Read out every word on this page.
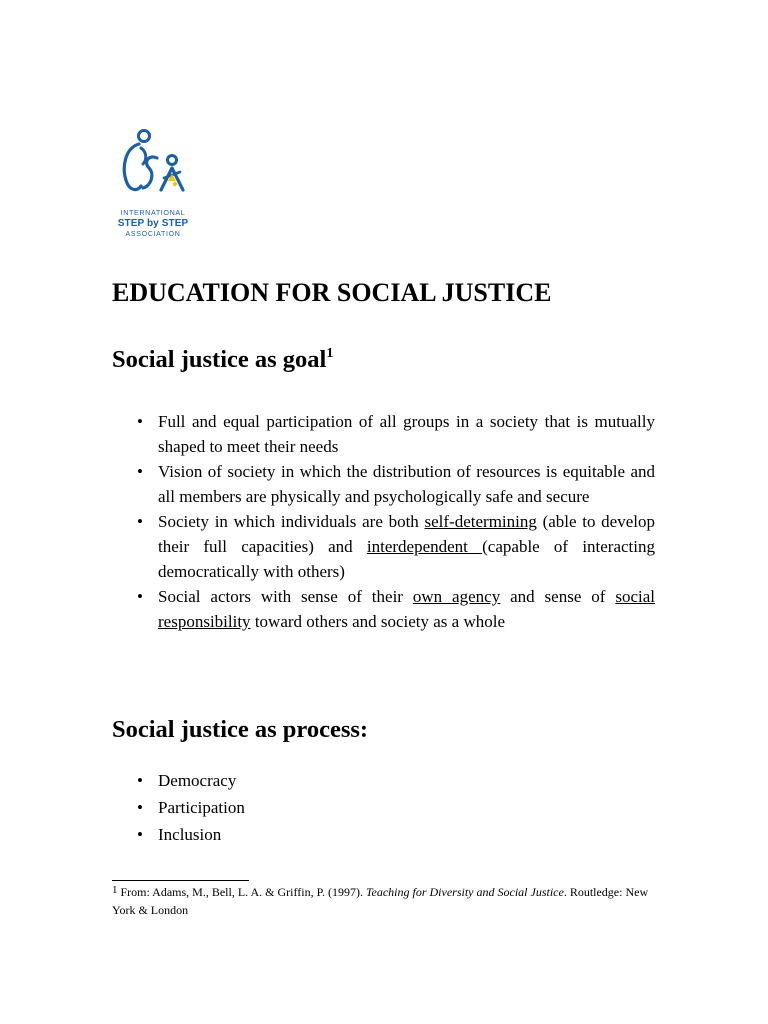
INTERNATIONAL
STEP by STEP
ASSOCIATION
EDUCATION FOR SOCIAL JUSTICE
Social justice as goal$^1$
• Full and equal participation of all groups in a society that is mutually shaped to meet their needs
• Vision of society in which the distribution of resources is equitable and all members are physically and psychologically safe and secure
• Society in which individuals are both self-determining (able to develop their full capacities) and interdependent (capable of interacting democratically with others)
• Social actors with sense of their own agency and sense of social responsibility toward others and society as a whole
Social justice as process:
• Democracy
• Participation
• Inclusion
$^1$ From: Adams, M., Bell, L. A. & Griffin, P. (1997). Teaching for Diversity and Social Justice. Routledge: New York & London
